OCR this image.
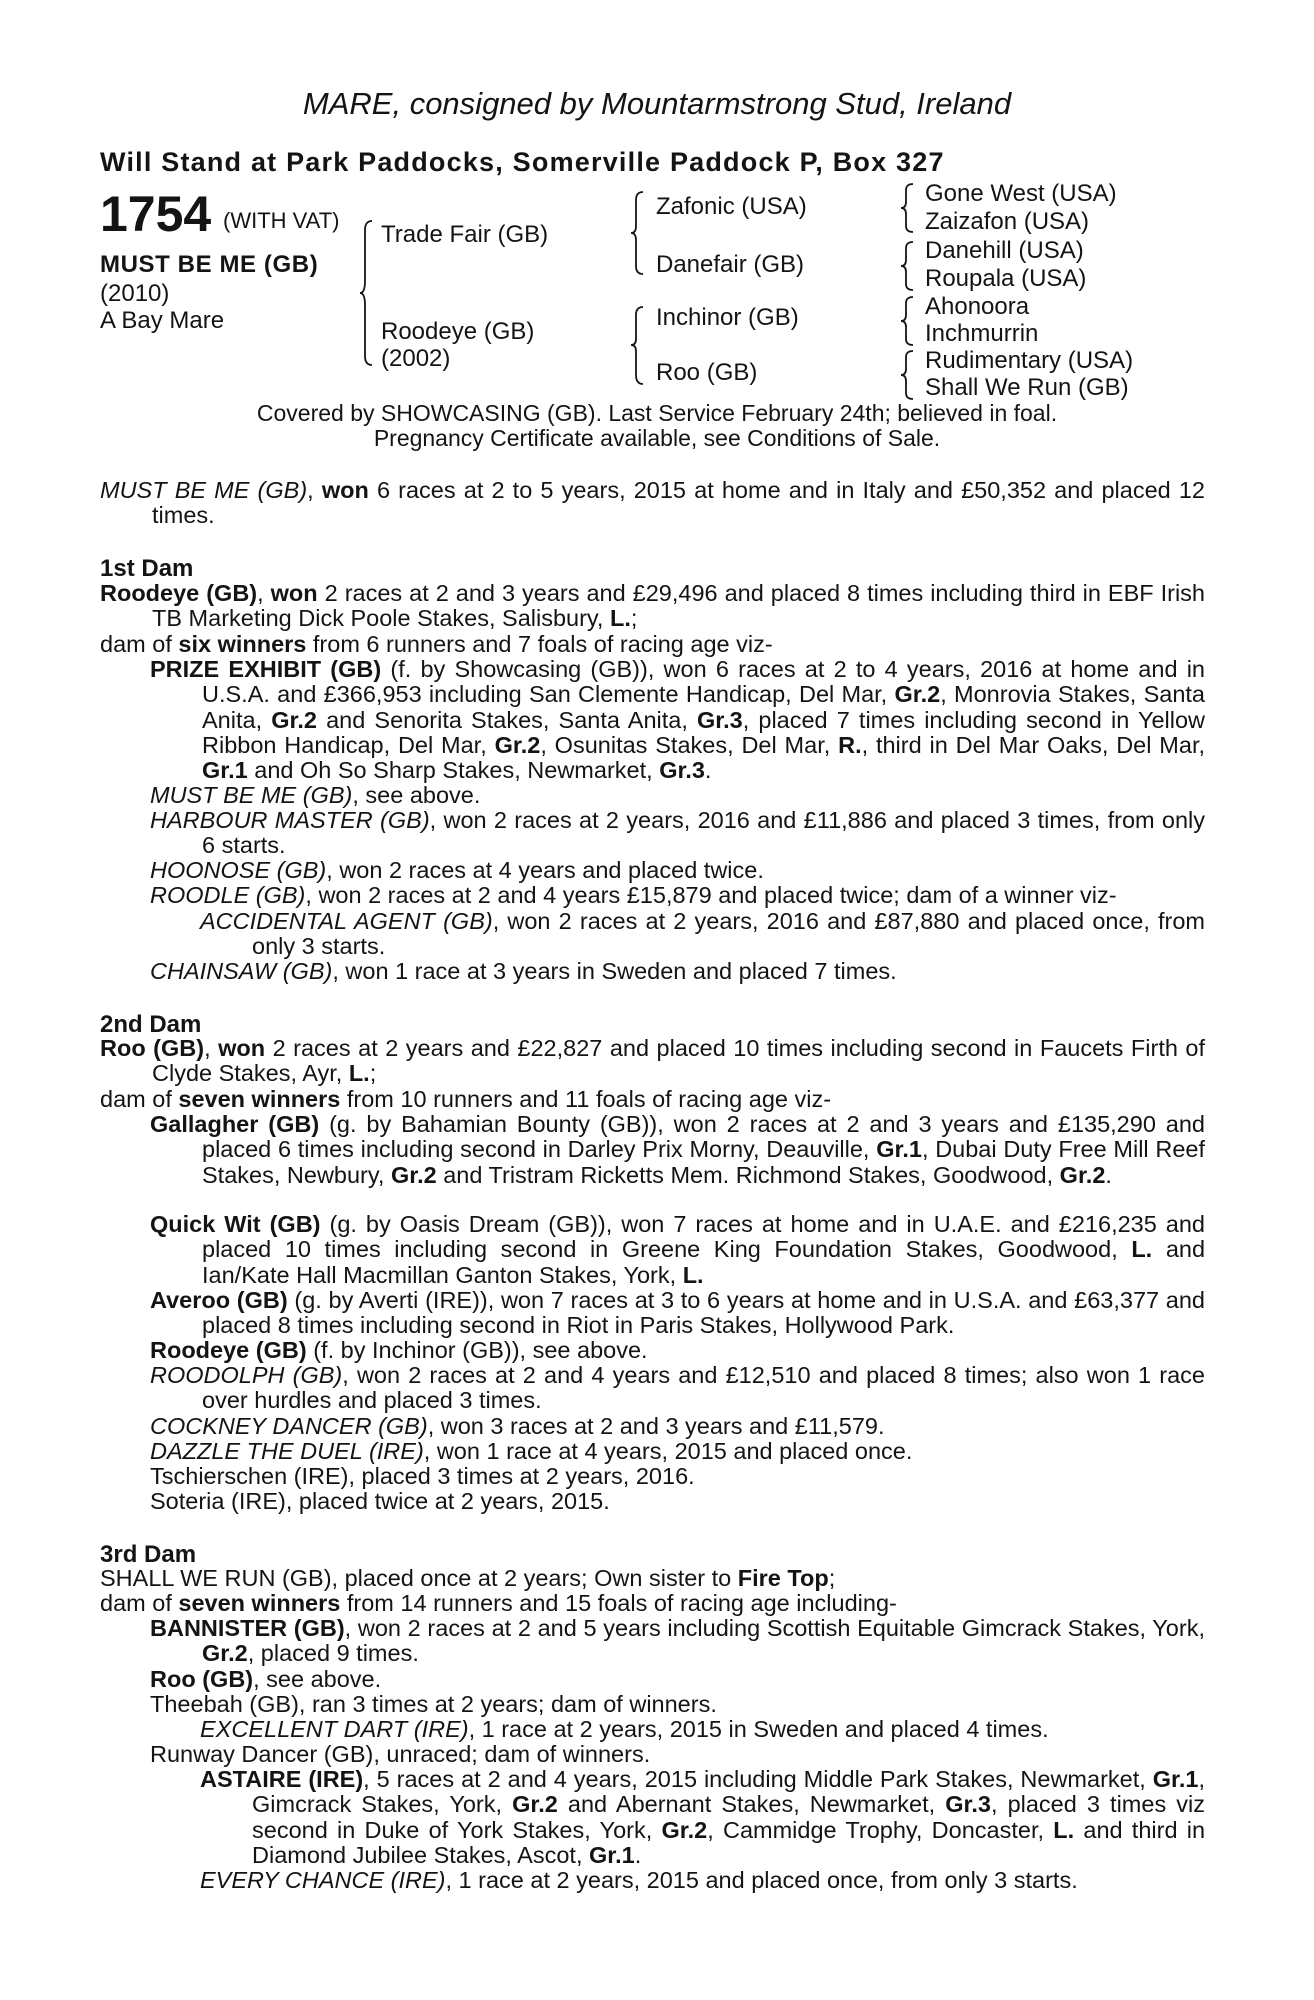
MARE, consigned by Mountarmstrong Stud, Ireland
Will Stand at Park Paddocks, Somerville Paddock P, Box 327
1754 (WITH VAT)
MUST BE ME (GB)
(2010)
A Bay Mare
Trade Fair (GB)
Roodeye (GB)
(2002)
Zafonic (USA)
Danefair (GB)
Inchinor (GB)
Roo (GB)
Gone West (USA)
Zaizafon (USA)
Danehill (USA)
Roupala (USA)
Ahonoora
Inchmurrin
Rudimentary (USA)
Shall We Run (GB)
Covered by SHOWCASING (GB). Last Service February 24th; believed in foal.
Pregnancy Certificate available, see Conditions of Sale.
MUST BE ME (GB), won 6 races at 2 to 5 years, 2015 at home and in Italy and £50,352 and placed 12 times.
1st Dam
Roodeye (GB), won 2 races at 2 and 3 years and £29,496 and placed 8 times including third in EBF Irish TB Marketing Dick Poole Stakes, Salisbury, L.;
dam of six winners from 6 runners and 7 foals of racing age viz-
PRIZE EXHIBIT (GB) (f. by Showcasing (GB)), won 6 races at 2 to 4 years, 2016 at home and in U.S.A. and £366,953 including San Clemente Handicap, Del Mar, Gr.2, Monrovia Stakes, Santa Anita, Gr.2 and Senorita Stakes, Santa Anita, Gr.3, placed 7 times including second in Yellow Ribbon Handicap, Del Mar, Gr.2, Osunitas Stakes, Del Mar, R., third in Del Mar Oaks, Del Mar, Gr.1 and Oh So Sharp Stakes, Newmarket, Gr.3.
MUST BE ME (GB), see above.
HARBOUR MASTER (GB), won 2 races at 2 years, 2016 and £11,886 and placed 3 times, from only 6 starts.
HOONOSE (GB), won 2 races at 4 years and placed twice.
ROODLE (GB), won 2 races at 2 and 4 years £15,879 and placed twice; dam of a winner viz-
ACCIDENTAL AGENT (GB), won 2 races at 2 years, 2016 and £87,880 and placed once, from only 3 starts.
CHAINSAW (GB), won 1 race at 3 years in Sweden and placed 7 times.
2nd Dam
Roo (GB), won 2 races at 2 years and £22,827 and placed 10 times including second in Faucets Firth of Clyde Stakes, Ayr, L.;
dam of seven winners from 10 runners and 11 foals of racing age viz-
Gallagher (GB) (g. by Bahamian Bounty (GB)), won 2 races at 2 and 3 years and £135,290 and placed 6 times including second in Darley Prix Morny, Deauville, Gr.1, Dubai Duty Free Mill Reef Stakes, Newbury, Gr.2 and Tristram Ricketts Mem. Richmond Stakes, Goodwood, Gr.2.
Quick Wit (GB) (g. by Oasis Dream (GB)), won 7 races at home and in U.A.E. and £216,235 and placed 10 times including second in Greene King Foundation Stakes, Goodwood, L. and Ian/Kate Hall Macmillan Ganton Stakes, York, L.
Averoo (GB) (g. by Averti (IRE)), won 7 races at 3 to 6 years at home and in U.S.A. and £63,377 and placed 8 times including second in Riot in Paris Stakes, Hollywood Park.
Roodeye (GB) (f. by Inchinor (GB)), see above.
ROODOLPH (GB), won 2 races at 2 and 4 years and £12,510 and placed 8 times; also won 1 race over hurdles and placed 3 times.
COCKNEY DANCER (GB), won 3 races at 2 and 3 years and £11,579.
DAZZLE THE DUEL (IRE), won 1 race at 4 years, 2015 and placed once.
Tschierschen (IRE), placed 3 times at 2 years, 2016.
Soteria (IRE), placed twice at 2 years, 2015.
3rd Dam
SHALL WE RUN (GB), placed once at 2 years; Own sister to Fire Top;
dam of seven winners from 14 runners and 15 foals of racing age including-
BANNISTER (GB), won 2 races at 2 and 5 years including Scottish Equitable Gimcrack Stakes, York, Gr.2, placed 9 times.
Roo (GB), see above.
Theebah (GB), ran 3 times at 2 years; dam of winners.
EXCELLENT DART (IRE), 1 race at 2 years, 2015 in Sweden and placed 4 times.
Runway Dancer (GB), unraced; dam of winners.
ASTAIRE (IRE), 5 races at 2 and 4 years, 2015 including Middle Park Stakes, Newmarket, Gr.1, Gimcrack Stakes, York, Gr.2 and Abernant Stakes, Newmarket, Gr.3, placed 3 times viz second in Duke of York Stakes, York, Gr.2, Cammidge Trophy, Doncaster, L. and third in Diamond Jubilee Stakes, Ascot, Gr.1.
EVERY CHANCE (IRE), 1 race at 2 years, 2015 and placed once, from only 3 starts.
